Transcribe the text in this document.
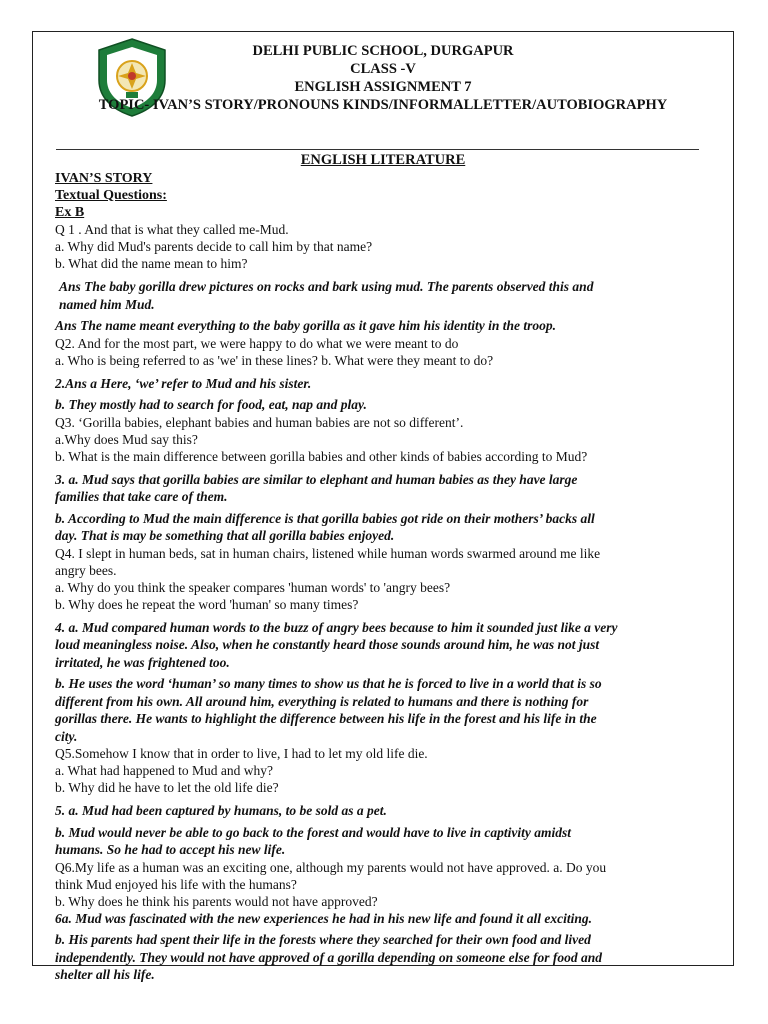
DELHI PUBLIC SCHOOL, DURGAPUR
CLASS -V
ENGLISH ASSIGNMENT 7
TOPIC- IVAN’S STORY/PRONOUNS KINDS/INFORMALLETTER/AUTOBIOGRAPHY
ENGLISH LITERATURE
IVAN’S STORY
Textual Questions:
Ex B
Q 1 . And that is what they called me-Mud.
a. Why did Mud's parents decide to call him by that name?
b. What did the name mean to him?
Ans The baby gorilla drew pictures on rocks and bark using mud. The parents observed this and
named him Mud.
Ans The name meant everything to the baby gorilla as it gave him his identity in the troop.
Q2. And for the most part, we were happy to do what we were meant to do
a. Who is being referred to as 'we' in these lines? b. What were they meant to do?
2.Ans a Here, ‘we’ refer to Mud and his sister.
b. They mostly had to search for food, eat, nap and play.
Q3. ‘Gorilla babies, elephant babies and human babies are not so different’.
a.Why does Mud say this?
b. What is the main difference between gorilla babies and other kinds of babies according to Mud?
3. a. Mud says that gorilla babies are similar to elephant and human babies as they have large
families that take care of them.
b. According to Mud the main difference is that gorilla babies got ride on their mothers’ backs all
day. That is may be something that all gorilla babies enjoyed.
Q4. I slept in human beds, sat in human chairs, listened while human words swarmed around me like
angry bees.
a. Why do you think the speaker compares 'human words' to 'angry bees?
b. Why does he repeat the word 'human' so many times?
4. a. Mud compared human words to the buzz of angry bees because to him it sounded just like a very
loud meaningless noise. Also, when he constantly heard those sounds around him, he was not just
irritated, he was frightened too.
b. He uses the word ‘human’ so many times to show us that he is forced to live in a world that is so
different from his own. All around him, everything is related to humans and there is nothing for
gorillas there. He wants to highlight the difference between his life in the forest and his life in the
city.
Q5.Somehow I know that in order to live, I had to let my old life die.
a. What had happened to Mud and why?
b. Why did he have to let the old life die?
5. a. Mud had been captured by humans, to be sold as a pet.
b. Mud would never be able to go back to the forest and would have to live in captivity amidst
humans. So he had to accept his new life.
Q6.My life as a human was an exciting one, although my parents would not have approved. a. Do you
think Mud enjoyed his life with the humans?
b. Why does he think his parents would not have approved?
6a. Mud was fascinated with the new experiences he had in his new life and found it all exciting.
b. His parents had spent their life in the forests where they searched for their own food and lived
independently. They would not have approved of a gorilla depending on someone else for food and
shelter all his life.
